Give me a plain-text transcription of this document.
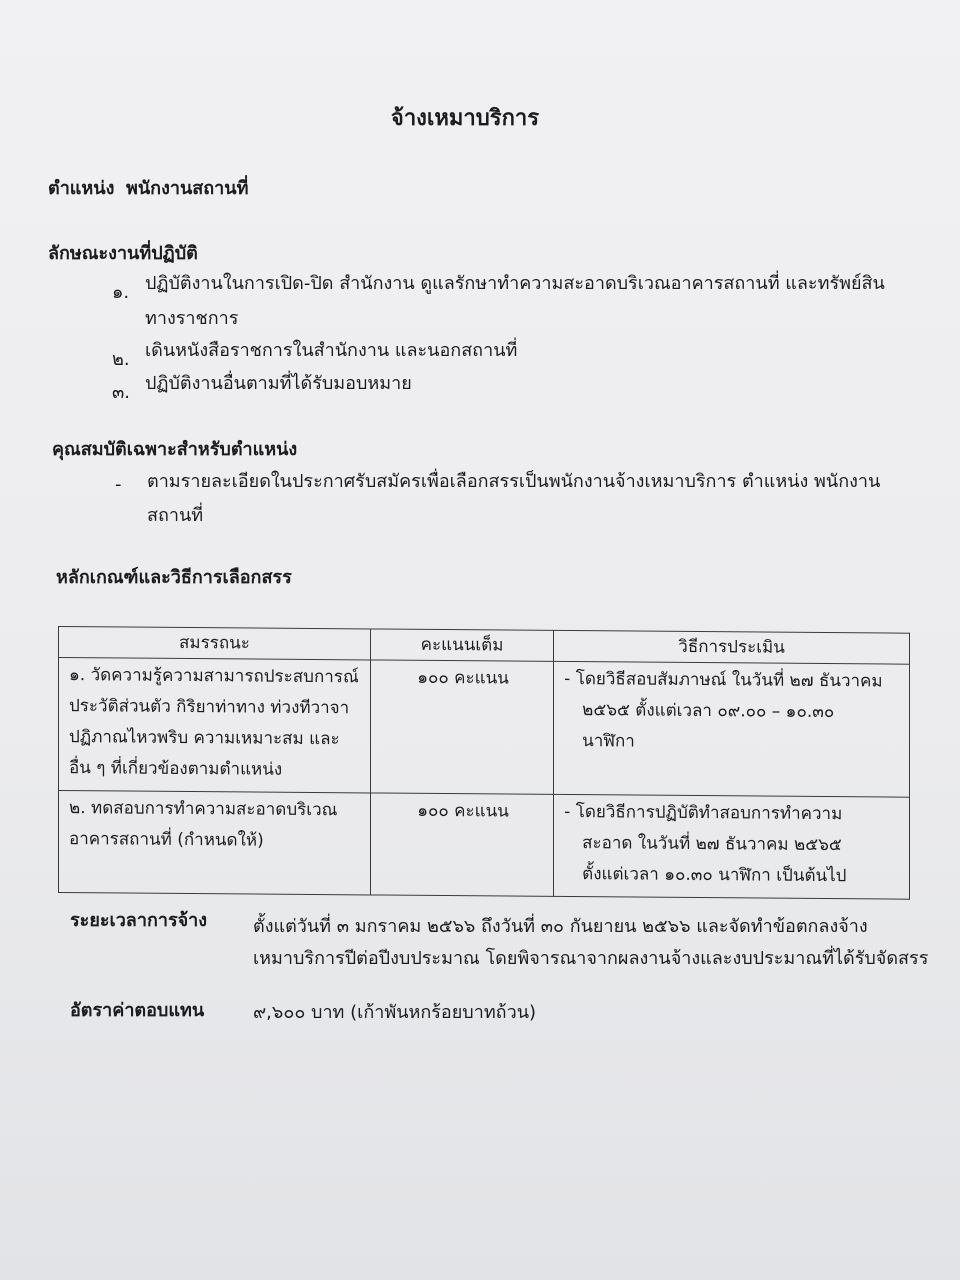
จ้างเหมาบริการ
ตำแหน่ง พนักงานสถานที่
ลักษณะงานที่ปฏิบัติ
๑. ปฏิบัติงานในการเปิด-ปิด สำนักงาน ดูแลรักษาทำความสะอาดบริเวณอาคารสถานที่ และทรัพย์สิน
ทางราชการ
๒. เดินหนังสือราชการในสำนักงาน และนอกสถานที่
๓. ปฏิบัติงานอื่นตามที่ได้รับมอบหมาย
คุณสมบัติเฉพาะสำหรับตำแหน่ง
- ตามรายละเอียดในประกาศรับสมัครเพื่อเลือกสรรเป็นพนักงานจ้างเหมาบริการ ตำแหน่ง พนักงาน
สถานที่
หลักเกณฑ์และวิธีการเลือกสรร
สมรรถนะ	คะแนนเต็ม	วิธีการประเมิน

๑. วัดความรู้ความสามารถประสบการณ์
ประวัติส่วนตัว กิริยาท่าทาง ท่วงทีวาจา
ปฏิภาณไหวพริบ ความเหมาะสม และ
อื่น ๆ ที่เกี่ยวข้องตามตำแหน่ง	๑๐๐ คะแนน	- โดยวิธีสอบสัมภาษณ์ ในวันที่ ๒๗ ธันวาคม
๒๕๖๕ ตั้งแต่เวลา ๐๙.๐๐ – ๑๐.๓๐
นาฬิกา

๒. ทดสอบการทำความสะอาดบริเวณ
อาคารสถานที่ (กำหนดให้)	๑๐๐ คะแนน	- โดยวิธีการปฏิบัติทำสอบการทำความ
สะอาด ในวันที่ ๒๗ ธันวาคม ๒๕๖๕
ตั้งแต่เวลา ๑๐.๓๐ นาฬิกา เป็นต้นไป
ระยะเวลาการจ้าง	ตั้งแต่วันที่ ๓ มกราคม ๒๕๖๖ ถึงวันที่ ๓๐ กันยายน ๒๕๖๖ และจัดทำข้อตกลงจ้าง
เหมาบริการปีต่อปีงบประมาณ โดยพิจารณาจากผลงานจ้างและงบประมาณที่ได้รับจัดสรร
อัตราค่าตอบแทน	๙,๖๐๐ บาท (เก้าพันหกร้อยบาทถ้วน)
